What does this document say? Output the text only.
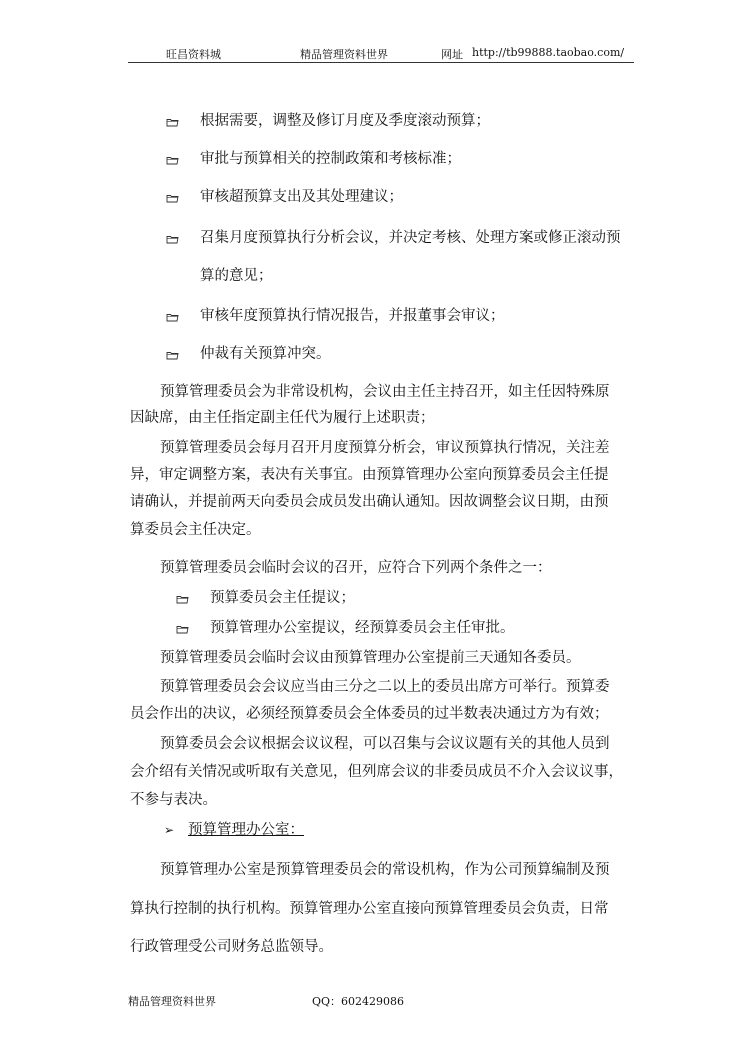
旺昌资料城	精品管理资料世界	网址 http://tb99888.taobao.com/
根据需要，调整及修订月度及季度滚动预算；
审批与预算相关的控制政策和考核标准；
审核超预算支出及其处理建议；
召集月度预算执行分析会议，并决定考核、处理方案或修正滚动预
算的意见；
审核年度预算执行情况报告，并报董事会审议；
仲裁有关预算冲突。
预算管理委员会为非常设机构，会议由主任主持召开，如主任因特殊原
因缺席，由主任指定副主任代为履行上述职责；
预算管理委员会每月召开月度预算分析会，审议预算执行情况，关注差
异，审定调整方案，表决有关事宜。由预算管理办公室向预算委员会主任提
请确认，并提前两天向委员会成员发出确认通知。因故调整会议日期，由预
算委员会主任决定。
预算管理委员会临时会议的召开，应符合下列两个条件之一：
预算委员会主任提议；
预算管理办公室提议，经预算委员会主任审批。
预算管理委员会临时会议由预算管理办公室提前三天通知各委员。
预算管理委员会会议应当由三分之二以上的委员出席方可举行。预算委
员会作出的决议，必须经预算委员会全体委员的过半数表决通过方为有效；
预算委员会会议根据会议议程，可以召集与会议议题有关的其他人员到
会介绍有关情况或听取有关意见，但列席会议的非委员成员不介入会议议事，
不参与表决。
➢ 预算管理办公室：
预算管理办公室是预算管理委员会的常设机构，作为公司预算编制及预
算执行控制的执行机构。预算管理办公室直接向预算管理委员会负责，日常
行政管理受公司财务总监领导。
精品管理资料世界	QQ：602429086
